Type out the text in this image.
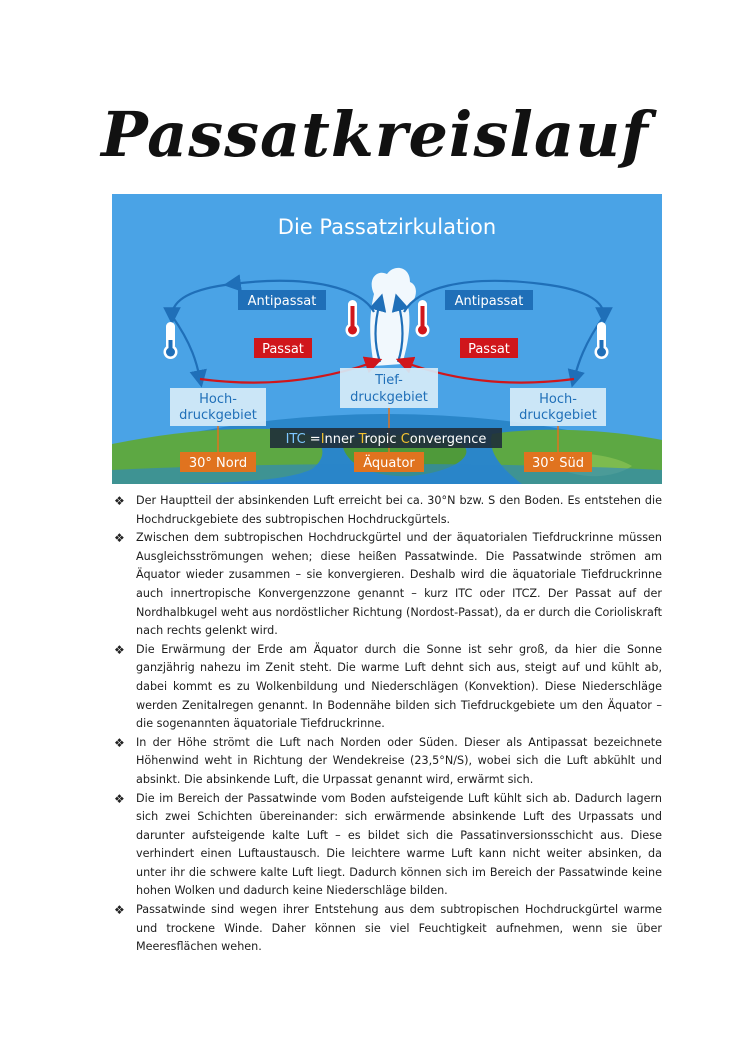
Passatkreislauf
Die Passatzirkulation
Antipassat	Antipassat
Passat	Passat
Tief-
druckgebiet
Hoch-
druckgebiet
Hoch-
druckgebiet
ITC =Inner Tropic Convergence
30° Nord	Äquator	30° Süd
❖ Der Hauptteil der absinkenden Luft erreicht bei ca. 30°N bzw. S den Boden. Es entstehen die Hochdruckgebiete des subtropischen Hochdruckgürtels.
❖ Zwischen dem subtropischen Hochdruckgürtel und der äquatorialen Tiefdruckrinne müssen Ausgleichsströmungen wehen; diese heißen Passatwinde. Die Passatwinde strömen am Äquator wieder zusammen – sie konvergieren. Deshalb wird die äquatoriale Tiefdruckrinne auch innertropische Konvergenzzone genannt – kurz ITC oder ITCZ. Der Passat auf der Nordhalbkugel weht aus nordöstlicher Richtung (Nordost-Passat), da er durch die Corioliskraft nach rechts gelenkt wird.
❖ Die Erwärmung der Erde am Äquator durch die Sonne ist sehr groß, da hier die Sonne ganzjährig nahezu im Zenit steht. Die warme Luft dehnt sich aus, steigt auf und kühlt ab, dabei kommt es zu Wolkenbildung und Niederschlägen (Konvektion). Diese Niederschläge werden Zenitalregen genannt. In Bodennähe bilden sich Tiefdruckgebiete um den Äquator – die sogenannten äquatoriale Tiefdruckrinne.
❖ In der Höhe strömt die Luft nach Norden oder Süden. Dieser als Antipassat bezeichnete Höhenwind weht in Richtung der Wendekreise (23,5°N/S), wobei sich die Luft abkühlt und absinkt. Die absinkende Luft, die Urpassat genannt wird, erwärmt sich.
❖ Die im Bereich der Passatwinde vom Boden aufsteigende Luft kühlt sich ab. Dadurch lagern sich zwei Schichten übereinander: sich erwärmende absinkende Luft des Urpassats und darunter aufsteigende kalte Luft – es bildet sich die Passatinversionsschicht aus. Diese verhindert einen Luftaustausch. Die leichtere warme Luft kann nicht weiter absinken, da unter ihr die schwere kalte Luft liegt. Dadurch können sich im Bereich der Passatwinde keine hohen Wolken und dadurch keine Niederschläge bilden.
❖ Passatwinde sind wegen ihrer Entstehung aus dem subtropischen Hochdruckgürtel warme und trockene Winde. Daher können sie viel Feuchtigkeit aufnehmen, wenn sie über Meeresflächen wehen.
